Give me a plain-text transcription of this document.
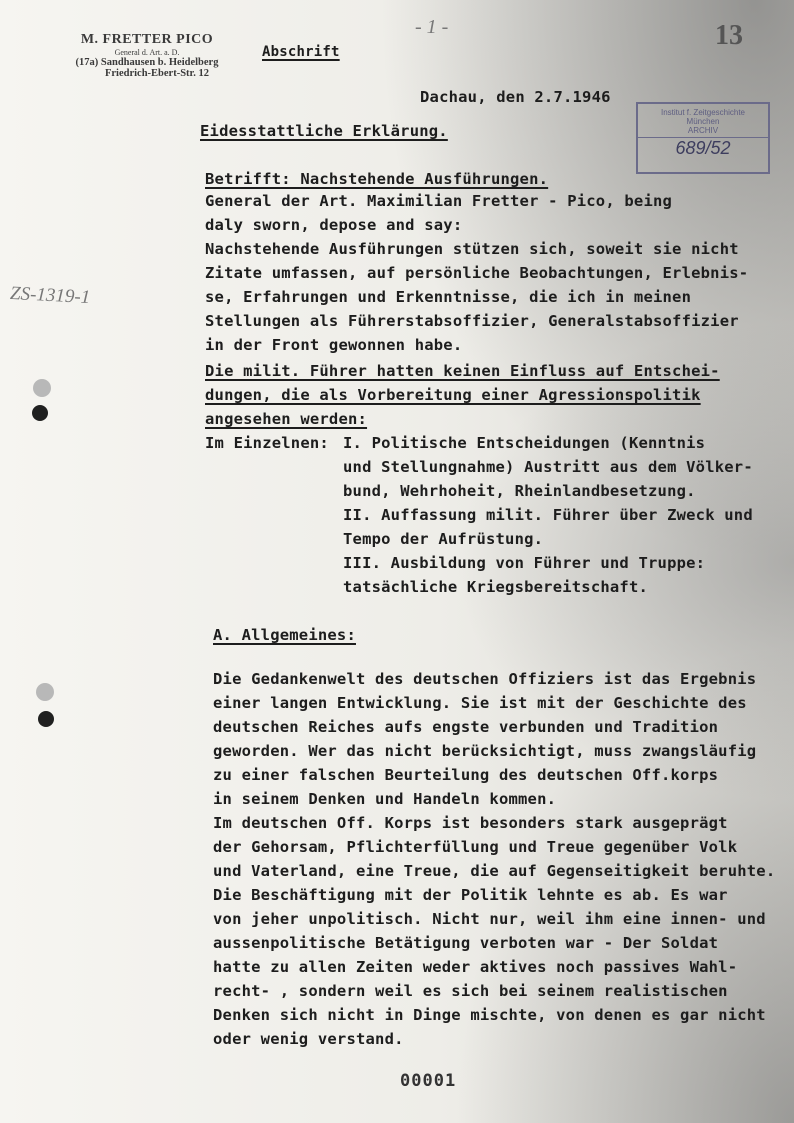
M. FRETTER PICO
General d. Art. a. D.
(17a) Sandhausen b. Heidelberg
Friedrich-Ebert-Str. 12
Abschrift
- 1 -	13
Dachau, den 2.7.1946
Institut f. Zeitgeschichte
München
ARCHIV
689/52
ZS-1319-1
Eidesstattliche Erklärung.
Betrifft: Nachstehende Ausführungen.
General der Art. Maximilian Fretter - Pico, being
daly sworn, depose and say:
Nachstehende Ausführungen stützen sich, soweit sie nicht
Zitate umfassen, auf persönliche Beobachtungen, Erlebnis-
se, Erfahrungen und Erkenntnisse, die ich in meinen
Stellungen als Führerstabsoffizier, Generalstabsoffizier
in der Front gewonnen habe.
Die milit. Führer hatten keinen Einfluss auf Entschei-
dungen, die als Vorbereitung einer Agressionspolitik
angesehen werden:
Im Einzelnen: I. Politische Entscheidungen (Kenntnis
und Stellungnahme) Austritt aus dem Völker-
bund, Wehrhoheit, Rheinlandbesetzung.
II. Auffassung milit. Führer über Zweck und
Tempo der Aufrüstung.
III. Ausbildung von Führer und Truppe:
tatsächliche Kriegsbereitschaft.
A. Allgemeines:
Die Gedankenwelt des deutschen Offiziers ist das Ergebnis
einer langen Entwicklung. Sie ist mit der Geschichte des
deutschen Reiches aufs engste verbunden und Tradition
geworden. Wer das nicht berücksichtigt, muss zwangsläufig
zu einer falschen Beurteilung des deutschen Off.korps
in seinem Denken und Handeln kommen.
Im deutschen Off. Korps ist besonders stark ausgeprägt
der Gehorsam, Pflichterfüllung und Treue gegenüber Volk
und Vaterland, eine Treue, die auf Gegenseitigkeit beruhte.
Die Beschäftigung mit der Politik lehnte es ab. Es war
von jeher unpolitisch. Nicht nur, weil ihm eine innen- und
aussenpolitische Betätigung verboten war - Der Soldat
hatte zu allen Zeiten weder aktives noch passives Wahl-
recht- , sondern weil es sich bei seinem realistischen
Denken sich nicht in Dinge mischte, von denen es gar nicht
oder wenig verstand.
00001
